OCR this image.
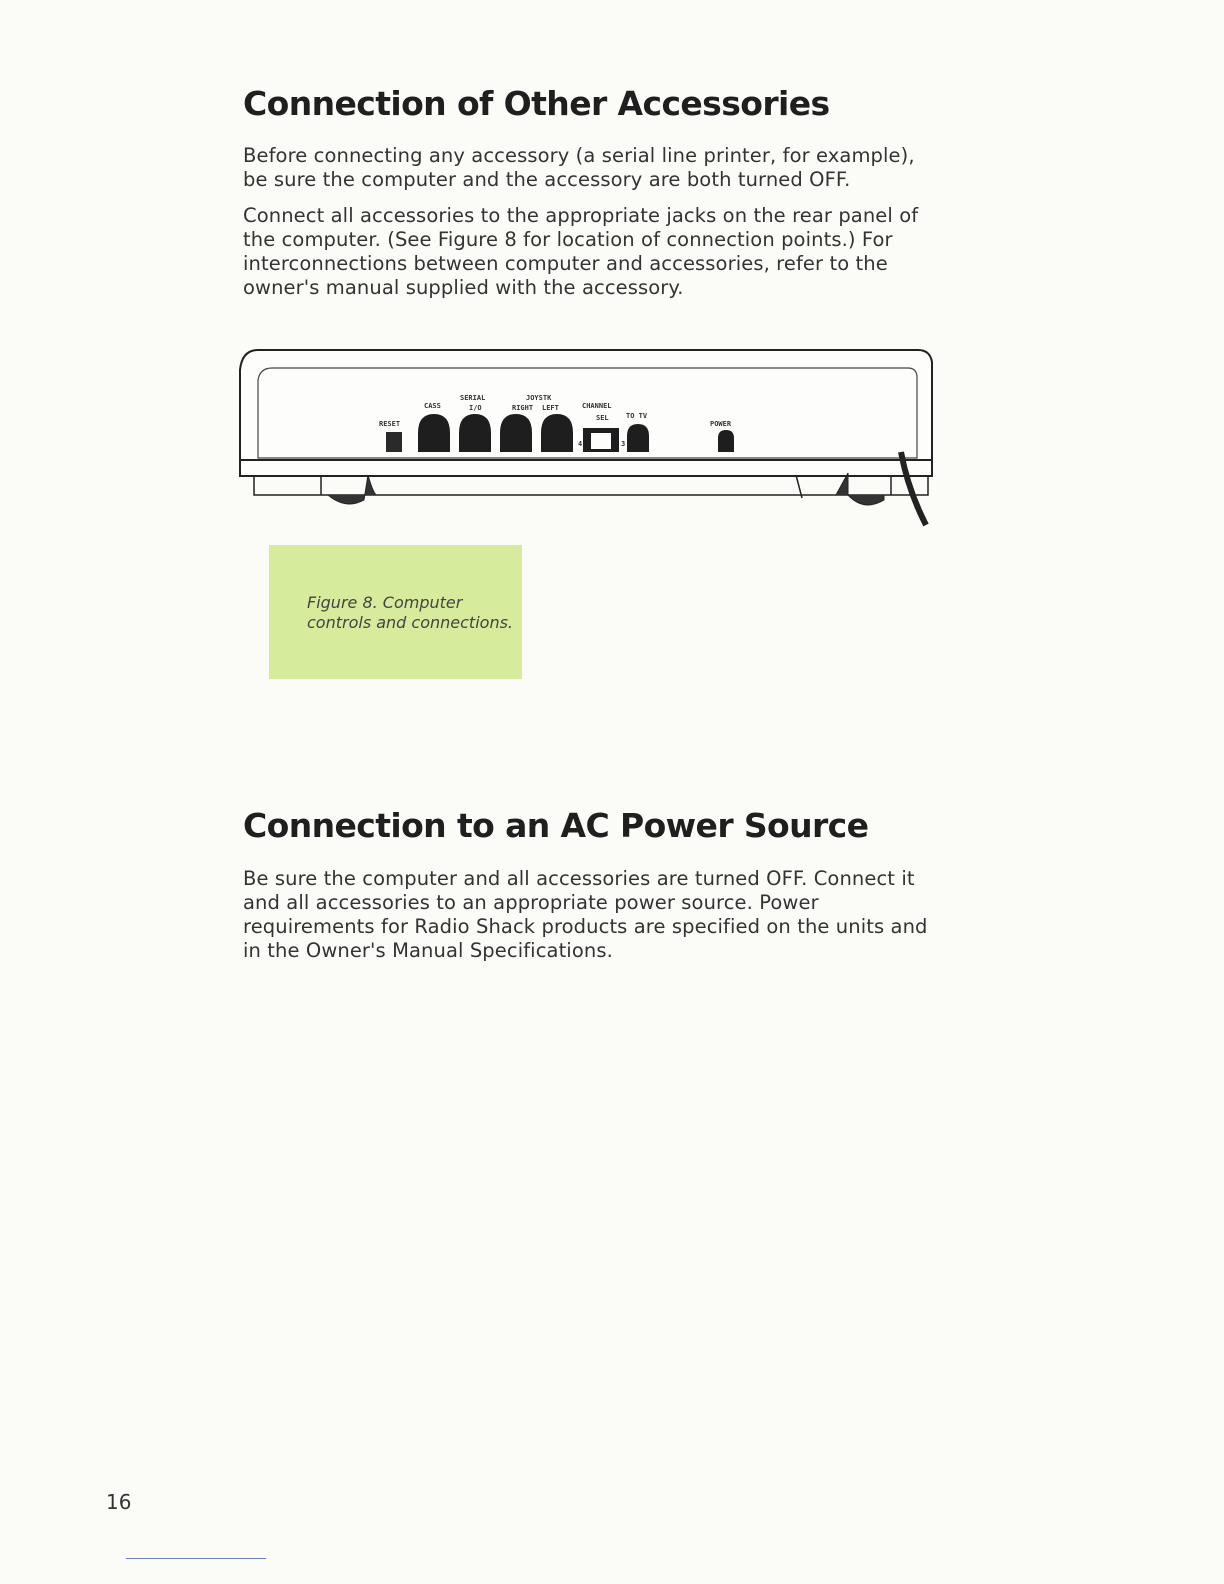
Connection of Other Accessories

Before connecting any accessory (a serial line printer, for example), be sure the computer and the accessory are both turned OFF.

Connect all accessories to the appropriate jacks on the rear panel of the computer. (See Figure 8 for location of connection points.) For interconnections between computer and accessories, refer to the owner's manual supplied with the accessory.

RESET
CASS
SERIAL
I/O
JOYSTK
RIGHT LEFT	CHANNEL
SEL TO TV
POWER
4	3
Figure 8. Computer controls and connections.
Connection to an AC Power Source

Be sure the computer and all accessories are turned OFF. Connect it and all accessories to an appropriate power source. Power requirements for Radio Shack products are specified on the units and in the Owner's Manual Specifications.

16
